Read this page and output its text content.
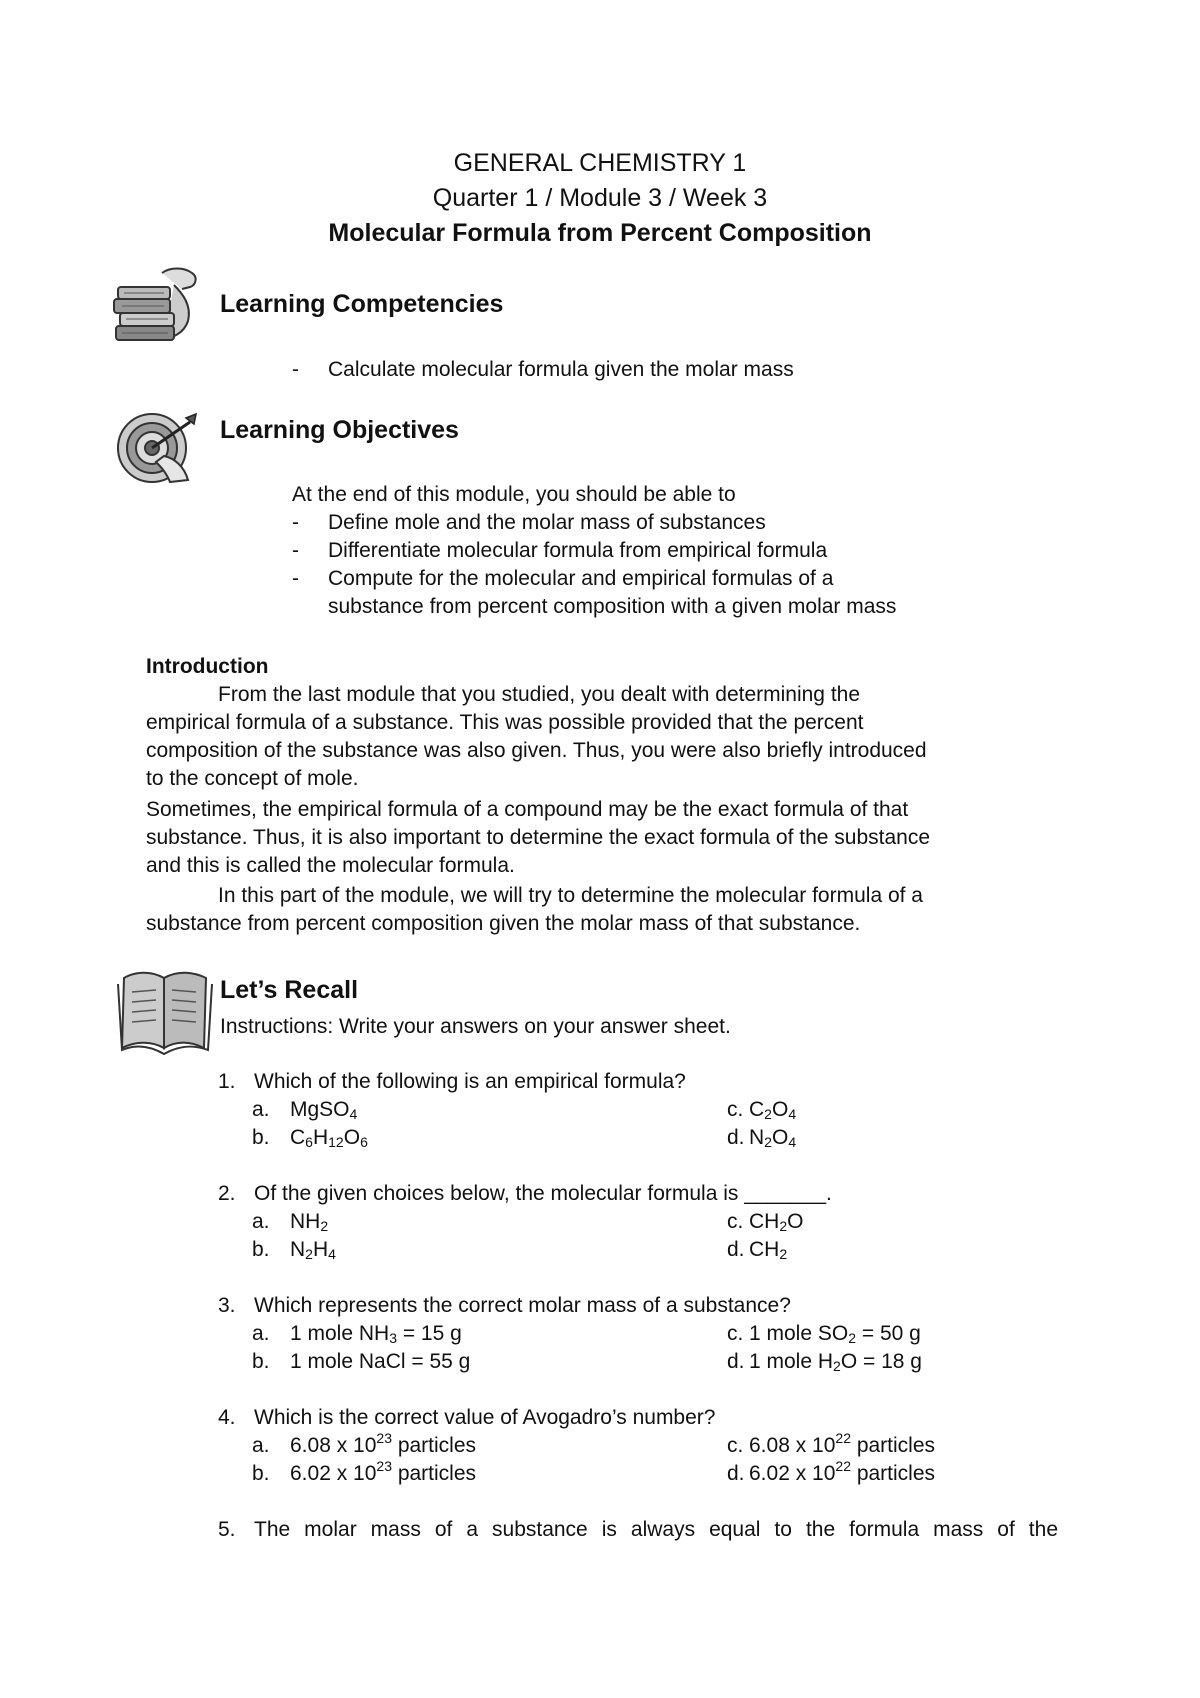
GENERAL CHEMISTRY 1
Quarter 1 / Module 3 / Week 3
Molecular Formula from Percent Composition
Learning Competencies
- Calculate molecular formula given the molar mass
Learning Objectives
At the end of this module, you should be able to
- Define mole and the molar mass of substances
- Differentiate molecular formula from empirical formula
- Compute for the molecular and empirical formulas of a
substance from percent composition with a given molar mass
Introduction
From the last module that you studied, you dealt with determining the
empirical formula of a substance. This was possible provided that the percent
composition of the substance was also given. Thus, you were also briefly introduced
to the concept of mole.
Sometimes, the empirical formula of a compound may be the exact formula of that
substance. Thus, it is also important to determine the exact formula of the substance
and this is called the molecular formula.
In this part of the module, we will try to determine the molecular formula of a
substance from percent composition given the molar mass of that substance.
Let’s Recall
Instructions: Write your answers on your answer sheet.
1. Which of the following is an empirical formula?
a. MgSO$_4$
b. $C_6H_{12}O_6$
c. $C_2O_4$
d. $N_2O_4$
2. Of the given choices below, the molecular formula is _______.
a. $NH_2$
b. $N_2H_4$
c. $CH_2O$
d. $CH_2$
3. Which represents the correct molar mass of a substance?
a. 1 mole $NH_3 = 15$ g
b. 1 mole NaCl = 55 g
c. 1 mole $SO_2 = 50$ g
d. 1 mole $H_2O = 18$ g
4. Which is the correct value of Avogadro’s number?
a. 6.08 x $10^{23}$ particles
b. 6.02 x $10^{23}$ particles
c. 6.08 x $10^{22}$ particles
d. 6.02 x $10^{22}$ particles
5. The molar mass of a substance is always equal to the formula mass of the
